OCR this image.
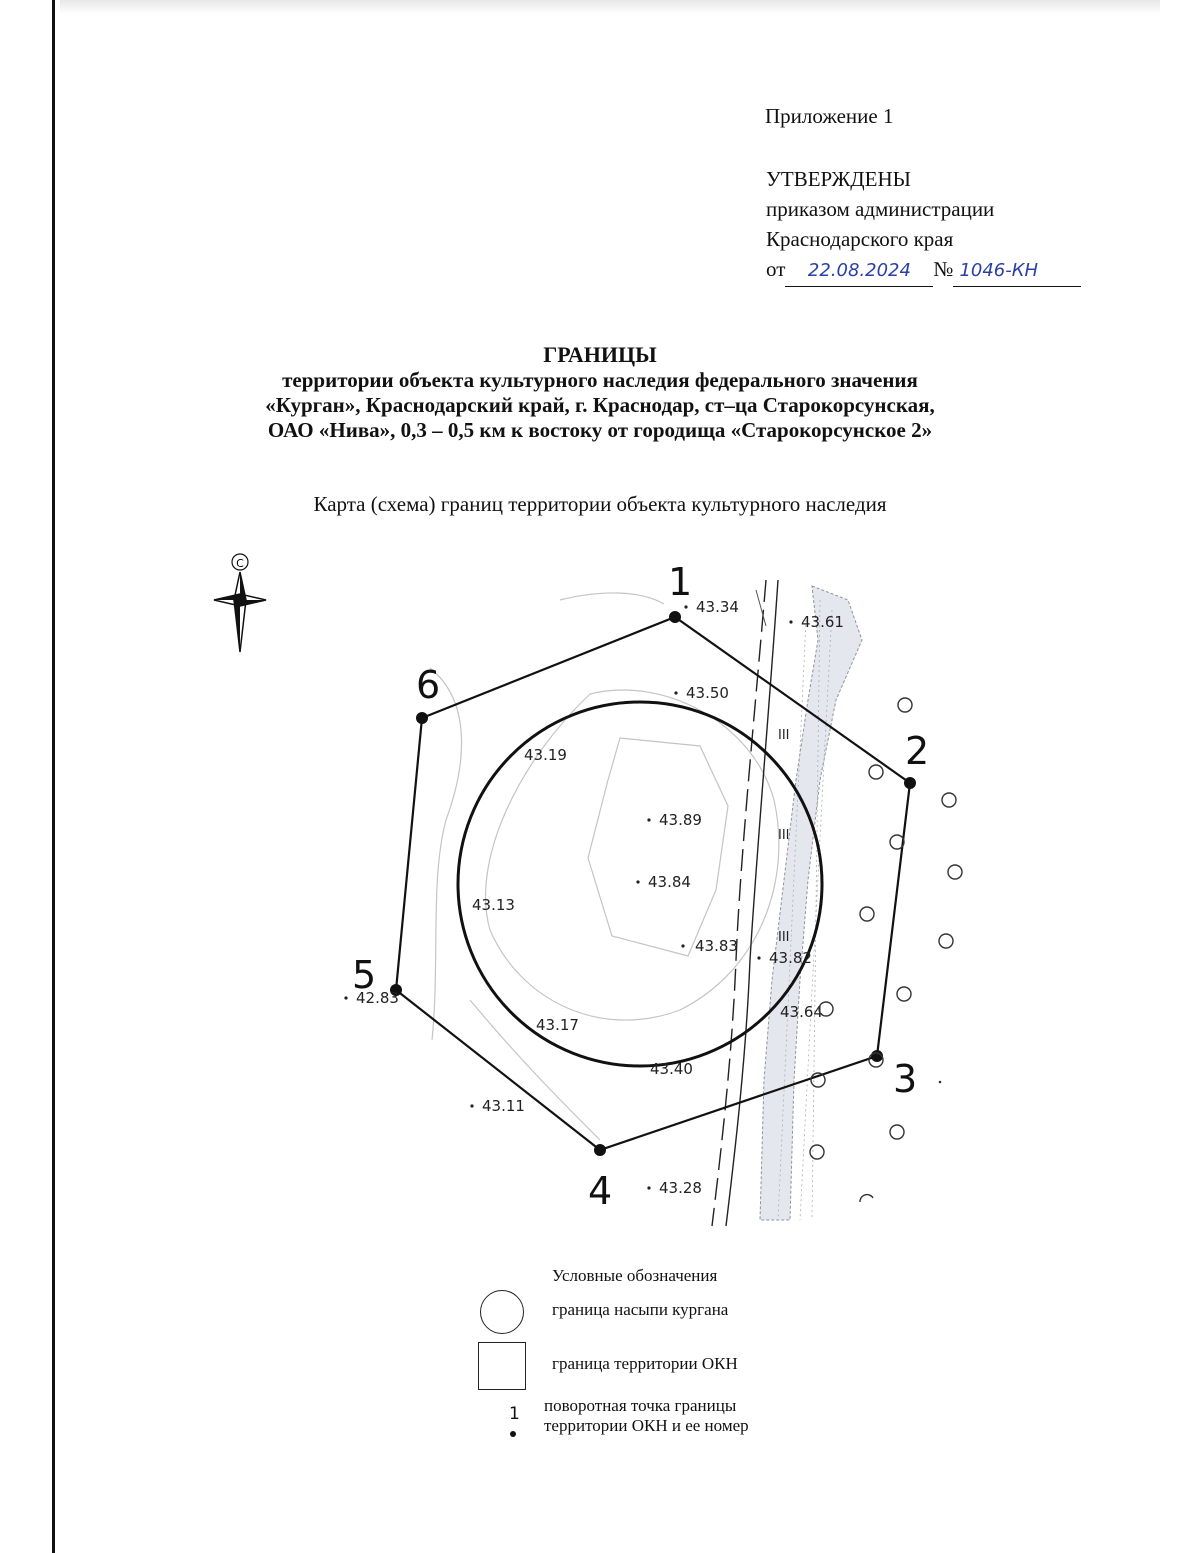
Приложение 1
УТВЕРЖДЕНЫ
приказом администрации
Краснодарского края
от 22.08.2024 № 1046-КН
ГРАНИЦЫ
территории объекта культурного наследия федерального значения
«Курган», Краснодарский край, г. Краснодар, ст–ца Старокорсунская,
ОАО «Нива», 0,3 – 0,5 км к востоку от городища «Старокорсунское 2»
Карта (схема) границ территории объекта культурного наследия
С
III
III
III
1
2
3
4
5
6
43.34
43.61
43.50
43.19
43.89
43.84
43.13
43.83
43.82
42.83
43.17
43.64
43.40
43.11
43.28
Условные обозначения
граница насыпи кургана
граница территории ОКН
1 поворотная точка границы
территории ОКН и ее номер
